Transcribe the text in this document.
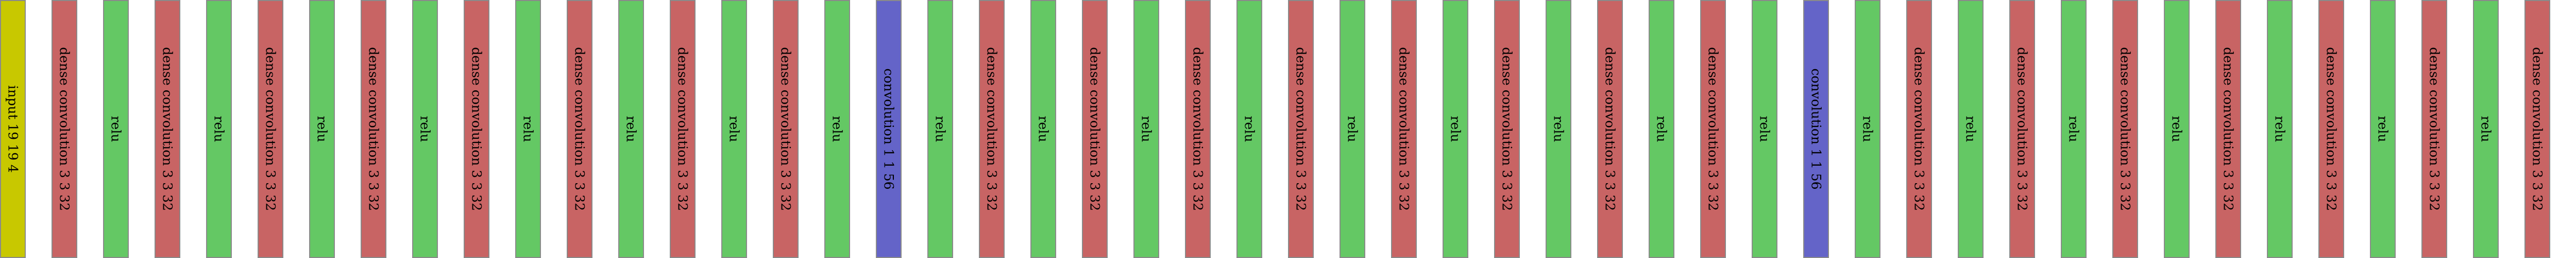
input 19 19 4	dense convolution 3 3 32	relu	dense convolution 3 3 32	relu	dense convolution 3 3 32	relu	dense convolution 3 3 32	relu	dense convolution 3 3 32	relu	dense convolution 3 3 32	relu	dense convolution 3 3 32	relu	dense convolution 3 3 32	relu	convolution 1 1 56	relu	dense convolution 3 3 32	relu	dense convolution 3 3 32	relu	dense convolution 3 3 32	relu	dense convolution 3 3 32	relu	dense convolution 3 3 32	relu	dense convolution 3 3 32	relu	dense convolution 3 3 32	relu	dense convolution 3 3 32	relu	convolution 1 1 56	relu	dense convolution 3 3 32	relu	dense convolution 3 3 32	relu	dense convolution 3 3 32	relu	dense convolution 3 3 32	relu	dense convolution 3 3 32	relu	dense convolution 3 3 32	relu	dense convolution 3 3 32
